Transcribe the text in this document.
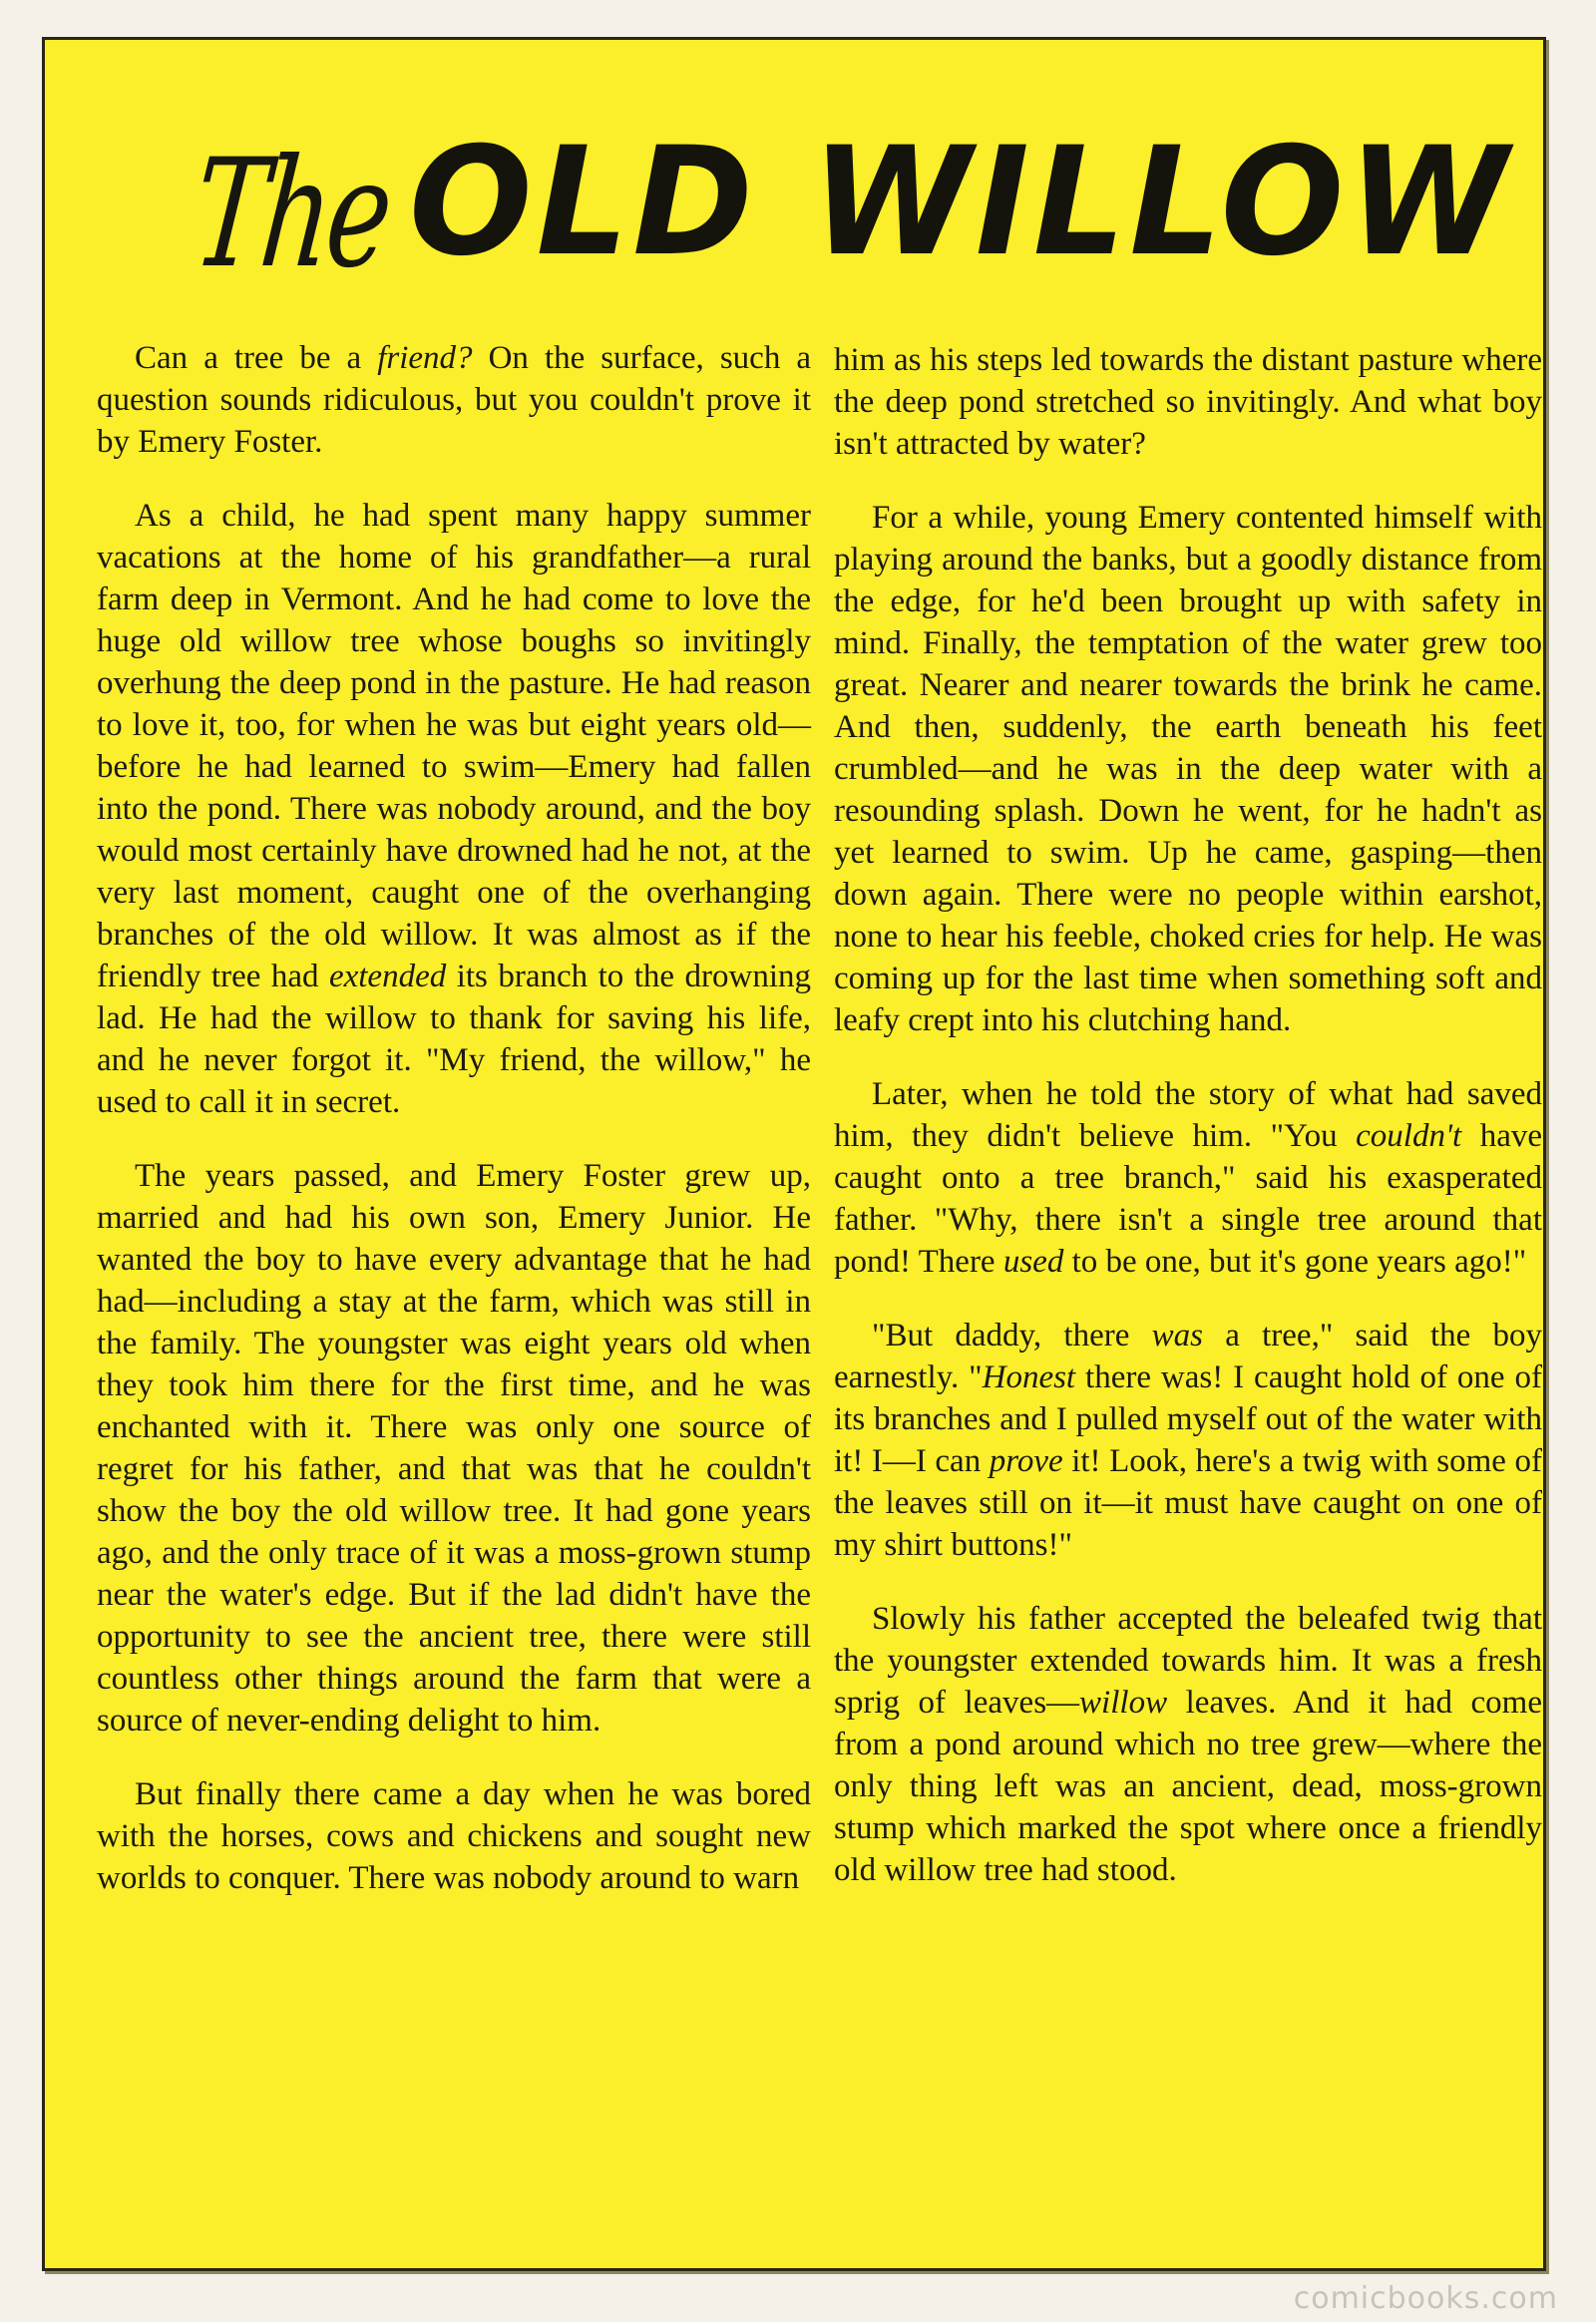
The OLD WILLOW

Can a tree be a friend? On the surface, such a question sounds ridiculous, but you couldn't prove it by Emery Foster.

As a child, he had spent many happy summer vacations at the home of his grandfather—a rural farm deep in Vermont. And he had come to love the huge old willow tree whose boughs so invitingly overhung the deep pond in the pasture. He had reason to love it, too, for when he was but eight years old—before he had learned to swim—Emery had fallen into the pond. There was nobody around, and the boy would most certainly have drowned had he not, at the very last moment, caught one of the overhanging branches of the old willow. It was almost as if the friendly tree had extended its branch to the drowning lad. He had the willow to thank for saving his life, and he never forgot it. "My friend, the willow," he used to call it in secret.

The years passed, and Emery Foster grew up, married and had his own son, Emery Junior. He wanted the boy to have every advantage that he had had—including a stay at the farm, which was still in the family. The youngster was eight years old when they took him there for the first time, and he was enchanted with it. There was only one source of regret for his father, and that was that he couldn't show the boy the old willow tree. It had gone years ago, and the only trace of it was a moss-grown stump near the water's edge. But if the lad didn't have the opportunity to see the ancient tree, there were still countless other things around the farm that were a source of never-ending delight to him.

But finally there came a day when he was bored with the horses, cows and chickens and sought new worlds to conquer. There was nobody around to warn

him as his steps led towards the distant pasture where the deep pond stretched so invitingly. And what boy isn't attracted by water?

For a while, young Emery contented himself with playing around the banks, but a goodly distance from the edge, for he'd been brought up with safety in mind. Finally, the temptation of the water grew too great. Nearer and nearer towards the brink he came. And then, suddenly, the earth beneath his feet crumbled—and he was in the deep water with a resounding splash. Down he went, for he hadn't as yet learned to swim. Up he came, gasping—then down again. There were no people within earshot, none to hear his feeble, choked cries for help. He was coming up for the last time when something soft and leafy crept into his clutching hand.

Later, when he told the story of what had saved him, they didn't believe him. "You couldn't have caught onto a tree branch," said his exasperated father. "Why, there isn't a single tree around that pond! There used to be one, but it's gone years ago!"

"But daddy, there was a tree," said the boy earnestly. "Honest there was! I caught hold of one of its branches and I pulled myself out of the water with it! I—I can prove it! Look, here's a twig with some of the leaves still on it—it must have caught on one of my shirt buttons!"

Slowly his father accepted the beleafed twig that the youngster extended towards him. It was a fresh sprig of leaves—willow leaves. And it had come from a pond around which no tree grew—where the only thing left was an ancient, dead, moss-grown stump which marked the spot where once a friendly old willow tree had stood.

comicbooks.com
